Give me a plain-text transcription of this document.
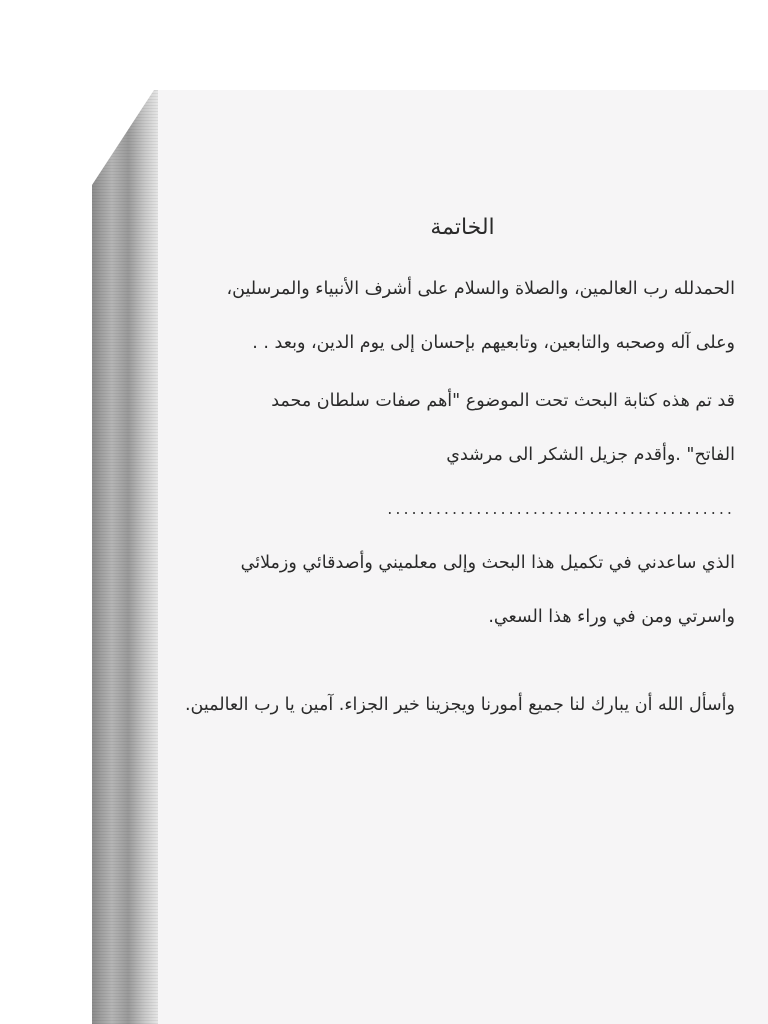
الخاتمة

الحمدلله رب العالمين، والصلاة والسلام على أشرف الأنبياء والمرسلين،

وعلى آله وصحبه والتابعين، وتابعيهم بإحسان إلى يوم الدين، وبعد . .

قد تم هذه كتابة البحث تحت الموضوع "أهم صفات سلطان محمد

الفاتح" .وأقدم جزيل الشكر الى مرشدي

...........................................

الذي ساعدني في تكميل هذا البحث وإلى معلميني وأصدقائي وزملائي

واسرتي ومن في وراء هذا السعي.

وأسأل الله أن يبارك لنا جميع أمورنا ويجزينا خير الجزاء. آمين يا رب العالمين.
